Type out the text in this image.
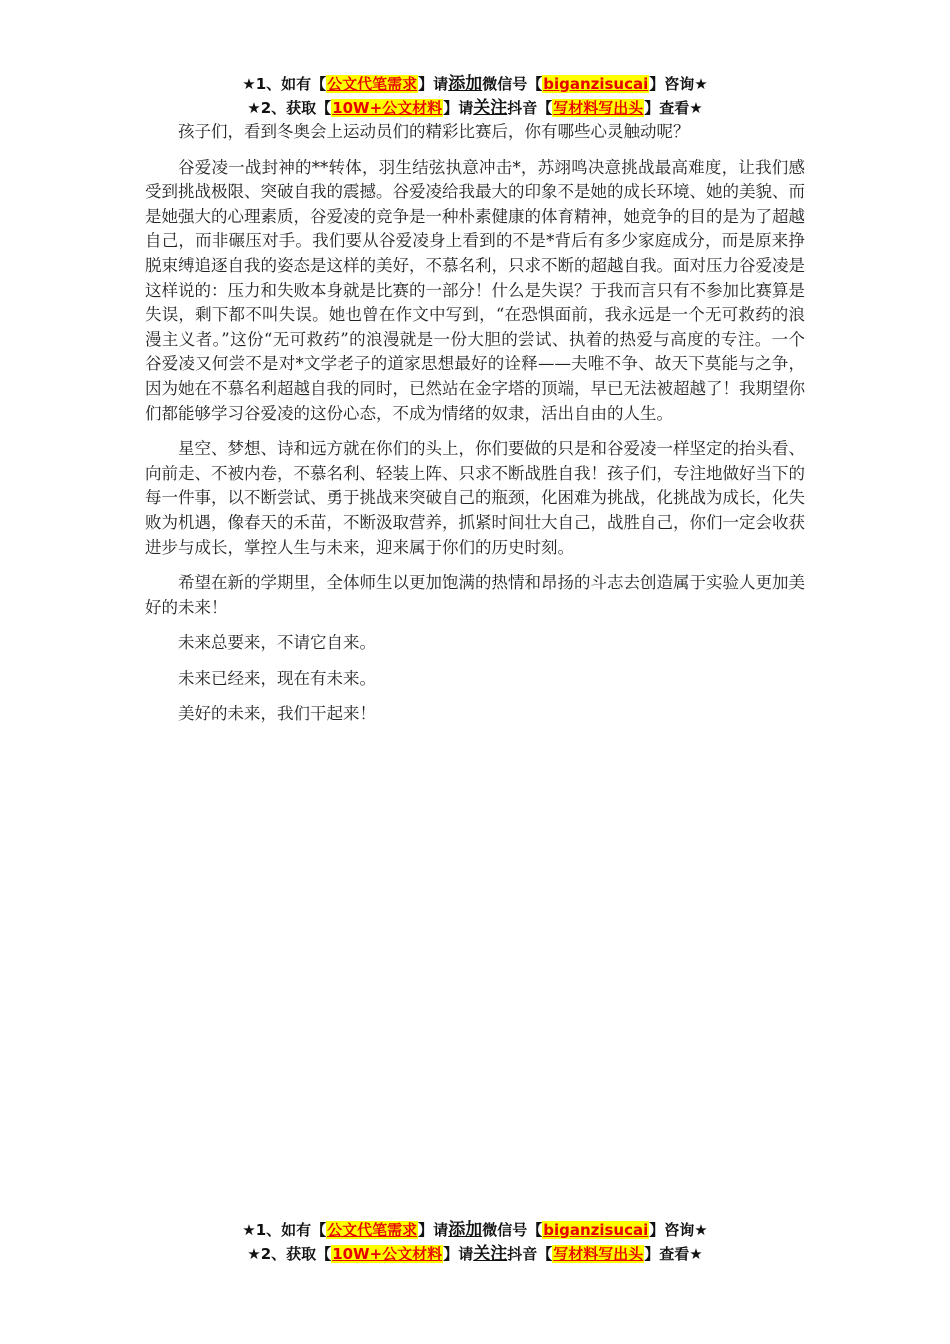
★1、如有【公文代笔需求】请添加微信号【biganzisucai】咨询★
★2、获取【10W+公文材料】请关注抖音【写材料写出头】查看★

孩子们，看到冬奥会上运动员们的精彩比赛后，你有哪些心灵触动呢？

谷爱凌一战封神的**转体，羽生结弦执意冲击*，苏翊鸣决意挑战最高难度，让我们感受到挑战极限、突破自我的震撼。谷爱凌给我最大的印象不是她的成长环境、她的美貌、而是她强大的心理素质，谷爱凌的竞争是一种朴素健康的体育精神，她竞争的目的是为了超越自己，而非碾压对手。我们要从谷爱凌身上看到的不是*背后有多少家庭成分，而是原来挣脱束缚追逐自我的姿态是这样的美好，不慕名利，只求不断的超越自我。面对压力谷爱凌是这样说的：压力和失败本身就是比赛的一部分！什么是失误？于我而言只有不参加比赛算是失误，剩下都不叫失误。她也曾在作文中写到，“在恐惧面前，我永远是一个无可救药的浪漫主义者。”这份“无可救药”的浪漫就是一份大胆的尝试、执着的热爱与高度的专注。一个谷爱凌又何尝不是对*文学老子的道家思想最好的诠释——夫唯不争、故天下莫能与之争，因为她在不慕名利超越自我的同时，已然站在金字塔的顶端，早已无法被超越了！我期望你们都能够学习谷爱凌的这份心态，不成为情绪的奴隶，活出自由的人生。

星空、梦想、诗和远方就在你们的头上，你们要做的只是和谷爱凌一样坚定的抬头看、向前走、不被内卷，不慕名利、轻装上阵、只求不断战胜自我！孩子们，专注地做好当下的每一件事，以不断尝试、勇于挑战来突破自己的瓶颈，化困难为挑战，化挑战为成长，化失败为机遇，像春天的禾苗，不断汲取营养，抓紧时间壮大自己，战胜自己，你们一定会收获进步与成长，掌控人生与未来，迎来属于你们的历史时刻。

希望在新的学期里，全体师生以更加饱满的热情和昂扬的斗志去创造属于实验人更加美好的未来！

未来总要来，不请它自来。

未来已经来，现在有未来。

美好的未来，我们干起来！

★1、如有【公文代笔需求】请添加微信号【biganzisucai】咨询★
★2、获取【10W+公文材料】请关注抖音【写材料写出头】查看★
